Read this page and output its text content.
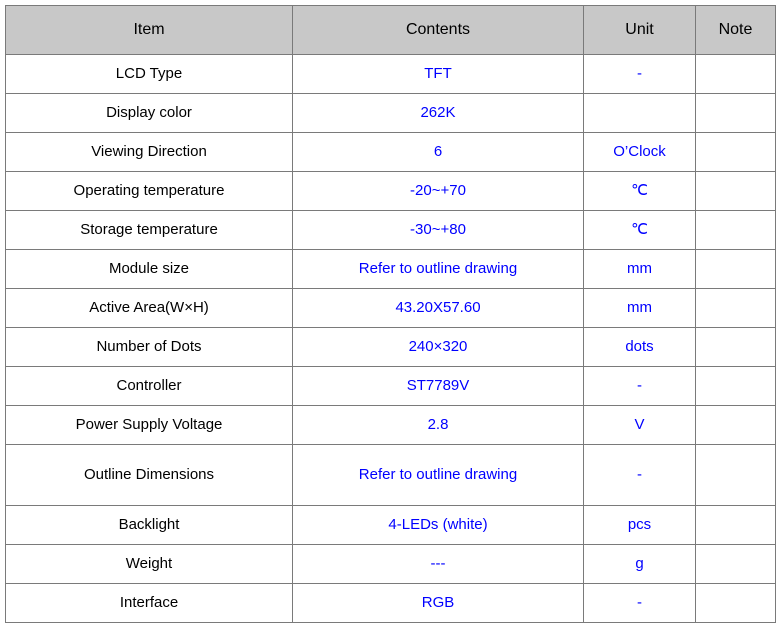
Item	Contents	Unit	Note
LCD Type	TFT	-	
Display color	262K		
Viewing Direction	6	O’Clock	
Operating temperature	-20~+70	℃	
Storage temperature	-30~+80	℃	
Module size	Refer to outline drawing	mm	
Active Area(W×H)	43.20X57.60	mm	
Number of Dots	240×320	dots	
Controller	ST7789V	-	
Power Supply Voltage	2.8	V	
Outline Dimensions	Refer to outline drawing	-	
Backlight	4-LEDs (white)	pcs	
Weight	---	g	
Interface	RGB	-	
